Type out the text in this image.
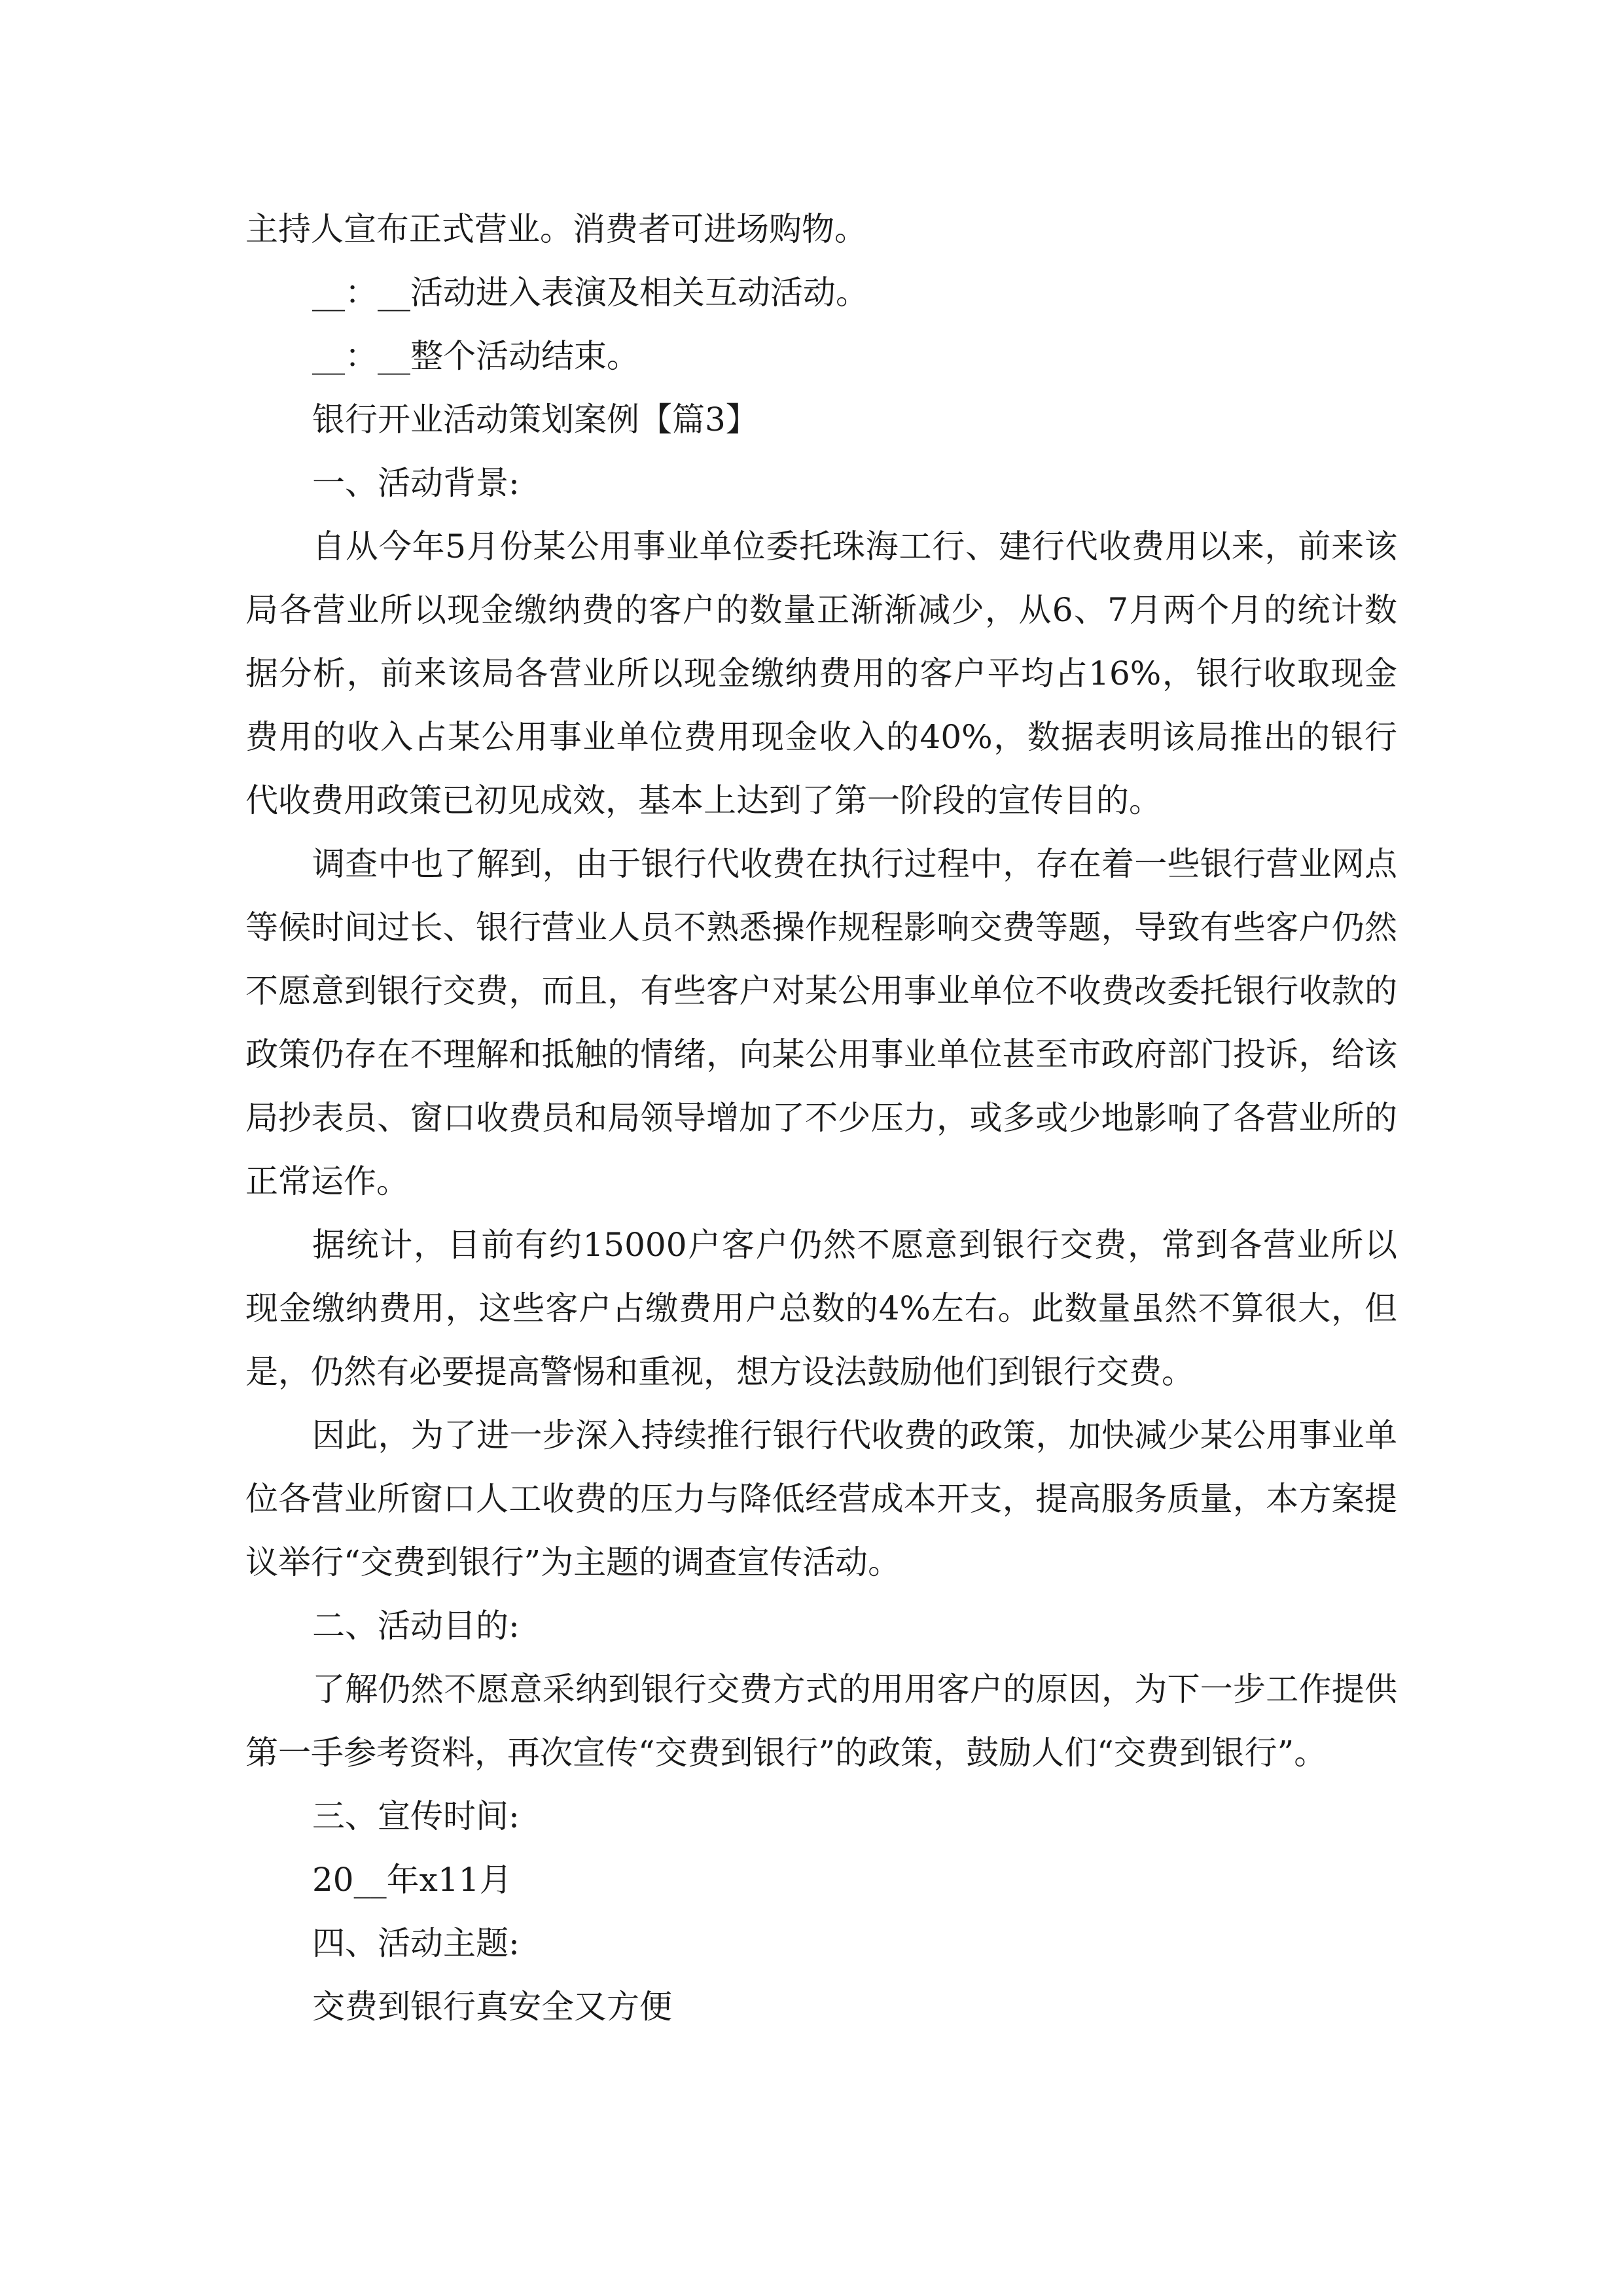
主持人宣布正式营业。消费者可进场购物。
__：__活动进入表演及相关互动活动。
__：__整个活动结束。
银行开业活动策划案例【篇3】
一、活动背景:

自从今年5月份某公用事业单位委托珠海工行、建行代收费用以来，前来该局各营业所以现金缴纳费的客户的数量正渐渐减少，从6、7月两个月的统计数据分析，前来该局各营业所以现金缴纳费用的客户平均占16%，银行收取现金费用的收入占某公用事业单位费用现金收入的40%，数据表明该局推出的银行代收费用政策已初见成效，基本上达到了第一阶段的宣传目的。

调查中也了解到，由于银行代收费在执行过程中，存在着一些银行营业网点等候时间过长、银行营业人员不熟悉操作规程影响交费等题，导致有些客户仍然不愿意到银行交费，而且，有些客户对某公用事业单位不收费改委托银行收款的政策仍存在不理解和抵触的情绪，向某公用事业单位甚至市政府部门投诉，给该局抄表员、窗口收费员和局领导增加了不少压力，或多或少地影响了各营业所的正常运作。

据统计，目前有约15000户客户仍然不愿意到银行交费，常到各营业所以现金缴纳费用，这些客户占缴费用户总数的4%左右。此数量虽然不算很大，但是，仍然有必要提高警惕和重视，想方设法鼓励他们到银行交费。

因此，为了进一步深入持续推行银行代收费的政策，加快减少某公用事业单位各营业所窗口人工收费的压力与降低经营成本开支，提高服务质量，本方案提议举行“交费到银行”为主题的调查宣传活动。

二、活动目的:

了解仍然不愿意采纳到银行交费方式的用用客户的原因，为下一步工作提供第一手参考资料，再次宣传“交费到银行”的政策，鼓励人们“交费到银行”。

三、宣传时间:
20__年x11月
四、活动主题:
交费到银行真安全又方便
